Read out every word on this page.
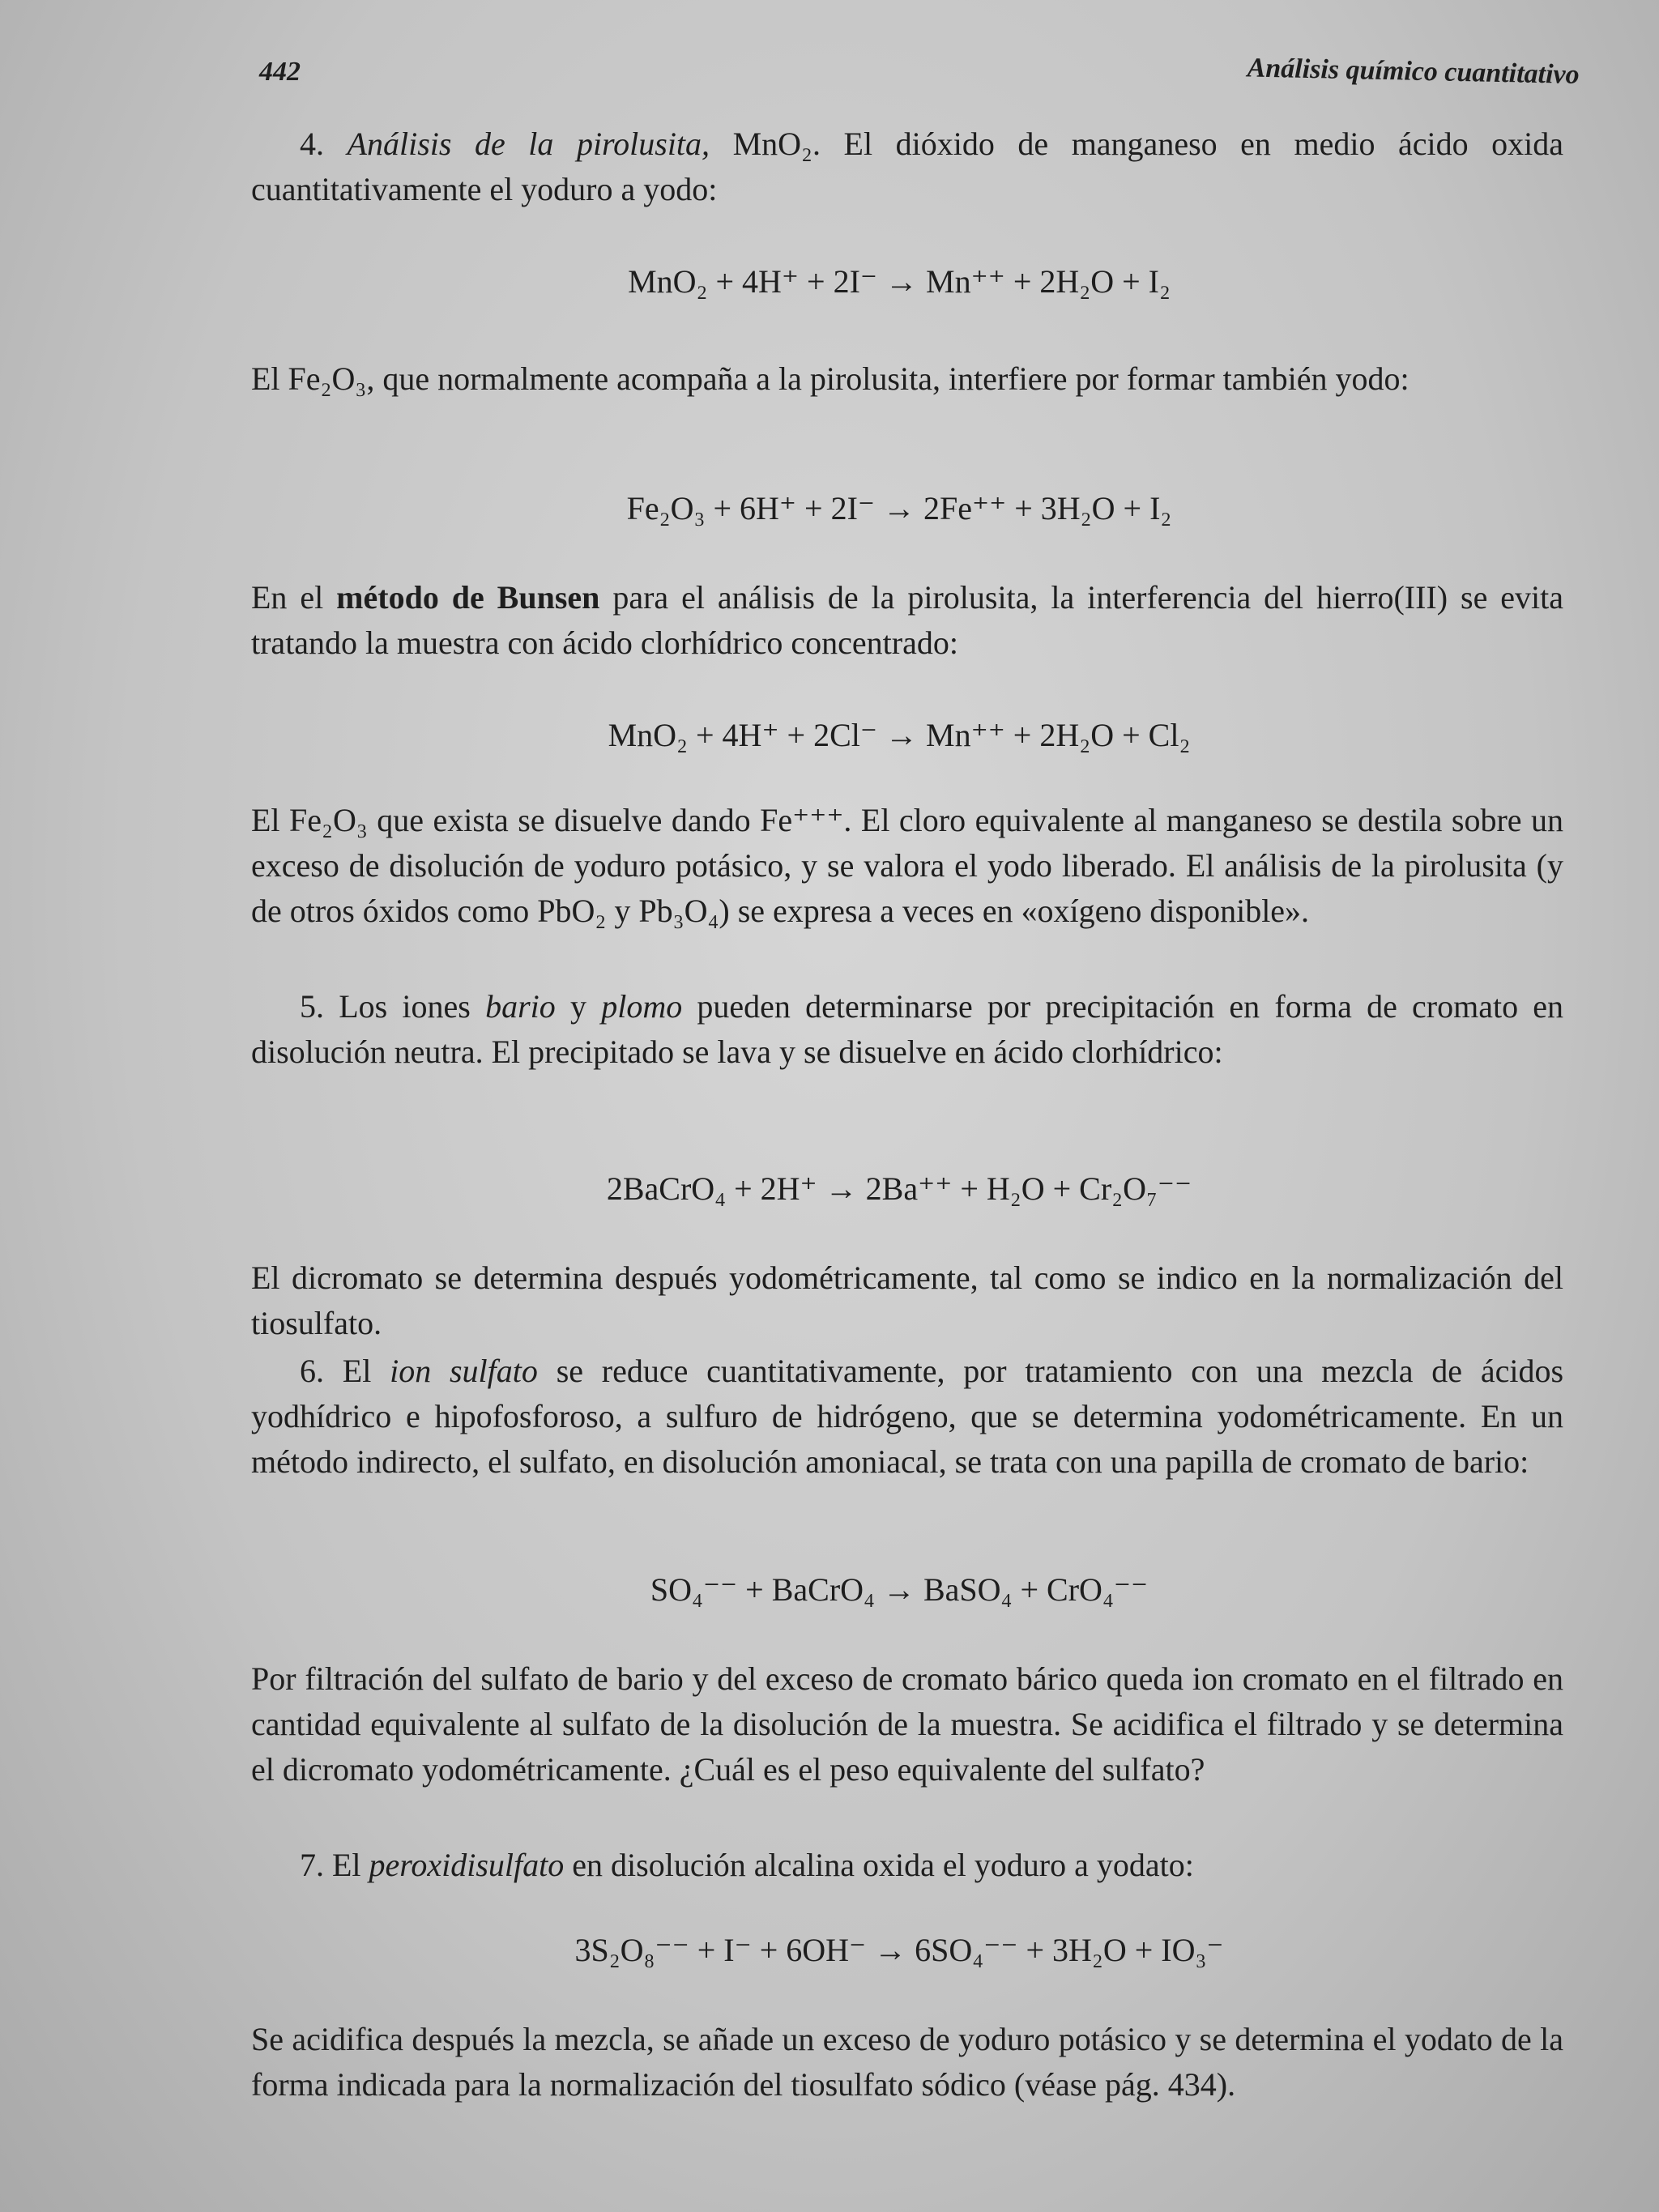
442	Análisis químico cuantitativo
4. Análisis de la pirolusita, MnO₂. El dióxido de manganeso en medio ácido oxida cuantitativamente el yoduro a yodo:
MnO₂ + 4H⁺ + 2I⁻ → Mn⁺⁺ + 2H₂O + I₂
El Fe₂O₃, que normalmente acompaña a la pirolusita, interfiere por formar también yodo:
Fe₂O₃ + 6H⁺ + 2I⁻ → 2Fe⁺⁺ + 3H₂O + I₂
En el método de Bunsen para el análisis de la pirolusita, la interferencia del hierro(III) se evita tratando la muestra con ácido clorhídrico concentrado:
MnO₂ + 4H⁺ + 2Cl⁻ → Mn⁺⁺ + 2H₂O + Cl₂
El Fe₂O₃ que exista se disuelve dando Fe⁺⁺⁺. El cloro equivalente al manganeso se destila sobre un exceso de disolución de yoduro potásico, y se valora el yodo liberado. El análisis de la pirolusita (y de otros óxidos como PbO₂ y Pb₃O₄) se expresa a veces en «oxígeno disponible».
5. Los iones bario y plomo pueden determinarse por precipitación en forma de cromato en disolución neutra. El precipitado se lava y se disuelve en ácido clorhídrico:
2BaCrO₄ + 2H⁺ → 2Ba⁺⁺ + H₂O + Cr₂O₇⁻⁻
El dicromato se determina después yodométricamente, tal como se indico en la normalización del tiosulfato.
6. El ion sulfato se reduce cuantitativamente, por tratamiento con una mezcla de ácidos yodhídrico e hipofosforoso, a sulfuro de hidrógeno, que se determina yodométricamente. En un método indirecto, el sulfato, en disolución amoniacal, se trata con una papilla de cromato de bario:
SO₄⁻⁻ + BaCrO₄ → BaSO₄ + CrO₄⁻⁻
Por filtración del sulfato de bario y del exceso de cromato bárico queda ion cromato en el filtrado en cantidad equivalente al sulfato de la disolución de la muestra. Se acidifica el filtrado y se determina el dicromato yodométricamente. ¿Cuál es el peso equivalente del sulfato?
7. El peroxidisulfato en disolución alcalina oxida el yoduro a yodato:
3S₂O₈⁻⁻ + I⁻ + 6OH⁻ → 6SO₄⁻⁻ + 3H₂O + IO₃⁻
Se acidifica después la mezcla, se añade un exceso de yoduro potásico y se determina el yodato de la forma indicada para la normalización del tiosulfato sódico (véase pág. 434).
